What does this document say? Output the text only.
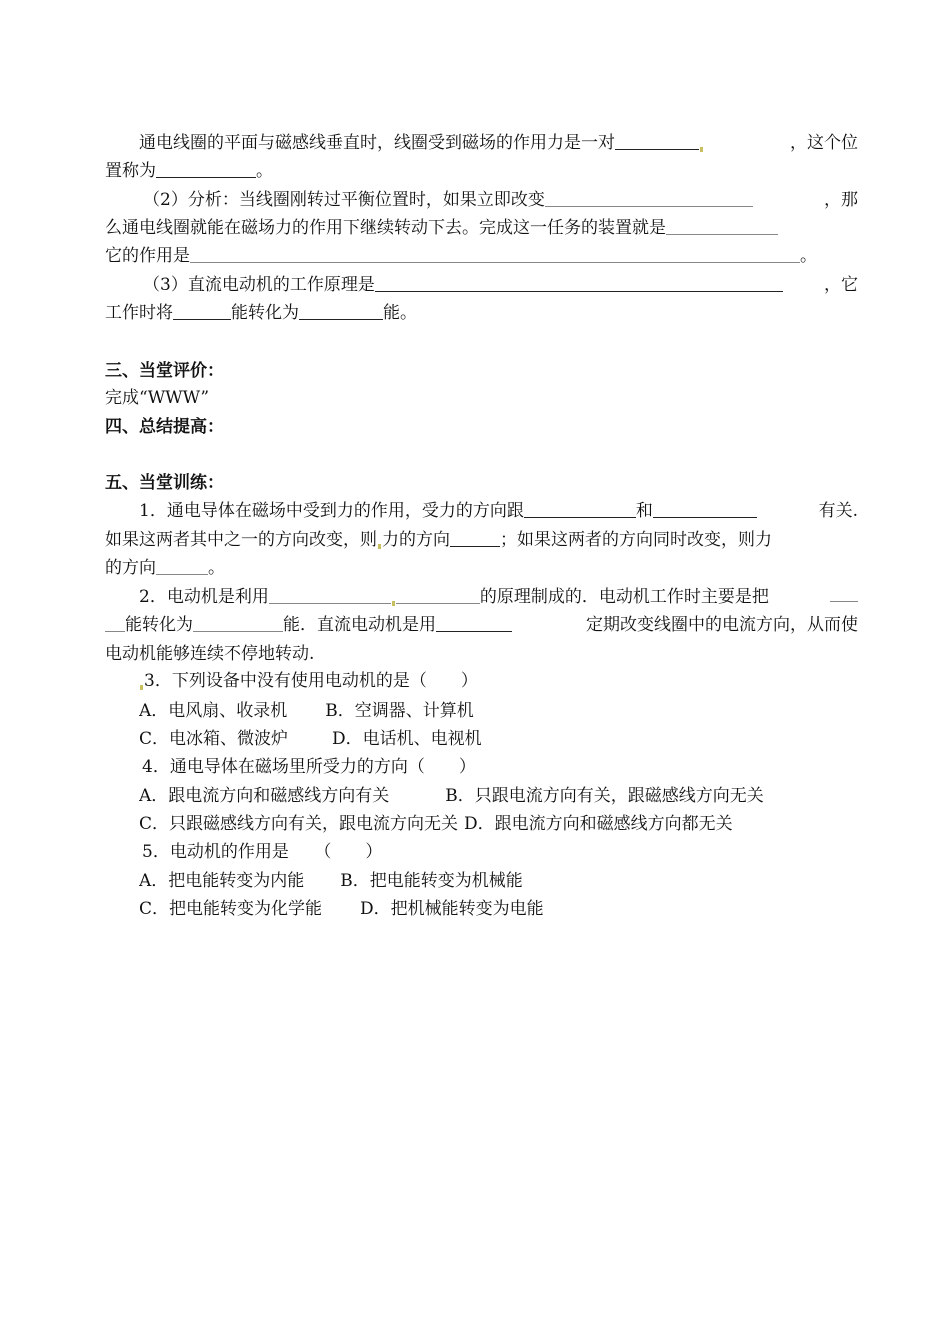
通电线圈的平面与磁感线垂直时，线圈受到磁场的作用力是一对	，这个位
置称为	。
（2）分析：当线圈刚转过平衡位置时，如果立即改变	，那
么通电线圈就能在磁场力的作用下继续转动下去。完成这一任务的装置就是
它的作用是	。
（3）直流电动机的工作原理是	，它
工作时将	能转化为	能。
三、当堂评价：
完成“WWW”
四、总结提高：
五、当堂训练：
1．通电导体在磁场中受到力的作用，受力的方向跟	和	有关.
如果这两者其中之一的方向改变，则 力的方向	；如果这两者的方向同时改变，则力
的方向	。
2．电动机是利用	的原理制成的．电动机工作时主要是把
能转化为	能．直流电动机是用	定期改变线圈中的电流方向，从而使
电动机能够连续不停地转动.
3．下列设备中没有使用电动机的是（　　）
A．电风扇、收录机 B．空调器、计算机
C．电冰箱、微波炉	D．电话机、电视机
4．通电导体在磁场里所受力的方向（　　）
A．跟电流方向和磁感线方向有关	B．只跟电流方向有关，跟磁感线方向无关
C．只跟磁感线方向有关，跟电流方向无关 D．跟电流方向和磁感线方向都无关
5．电动机的作用是　　（　　）
A．把电能转变为内能 B．把电能转变为机械能
C．把电能转变为化学能 D．把机械能转变为电能
